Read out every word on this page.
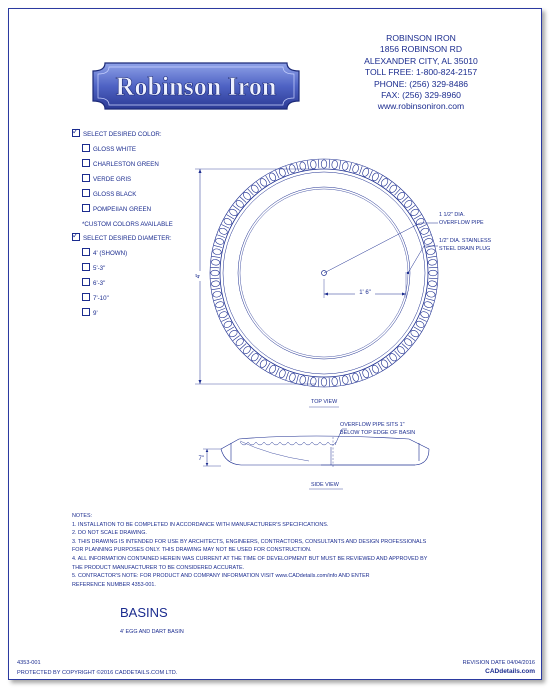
Robinson Iron
ROBINSON IRON
1856 ROBINSON RD
ALEXANDER CITY, AL 35010
TOLL FREE: 1-800-824-2157
PHONE: (256) 329-8486
FAX: (256) 329-8960
www.robinsoniron.com
✓ SELECT DESIRED COLOR:
GLOSS WHITE
CHARLESTON GREEN
VERDE GRIS
GLOSS BLACK
POMPEIIAN GREEN
*CUSTOM COLORS AVAILABLE
✓ SELECT DESIRED DIAMETER:
4' (SHOWN)
5'-3"
6'-3"
7'-10"
9'
1' 6"
4'
7"
1 1/2" DIA.
OVERFLOW PIPE
1/2" DIA. STAINLESS
STEEL DRAIN PLUG
TOP VIEW
OVERFLOW PIPE SITS 1"
BELOW TOP EDGE OF BASIN
SIDE VIEW
NOTES:
1. INSTALLATION TO BE COMPLETED IN ACCORDANCE WITH MANUFACTURER'S SPECIFICATIONS.
2. DO NOT SCALE DRAWING.
3. THIS DRAWING IS INTENDED FOR USE BY ARCHITECTS, ENGINEERS, CONTRACTORS, CONSULTANTS AND DESIGN PROFESSIONALS
FOR PLANNING PURPOSES ONLY. THIS DRAWING MAY NOT BE USED FOR CONSTRUCTION.
4. ALL INFORMATION CONTAINED HEREIN WAS CURRENT AT THE TIME OF DEVELOPMENT BUT MUST BE REVIEWED AND APPROVED BY
THE PRODUCT MANUFACTURER TO BE CONSIDERED ACCURATE.
5. CONTRACTOR'S NOTE: FOR PRODUCT AND COMPANY INFORMATION VISIT www.CADdetails.com/info AND ENTER
REFERENCE NUMBER 4353-001.
BASINS
4' EGG AND DART BASIN
4353-001	REVISION DATE 04/04/2016
PROTECTED BY COPYRIGHT ©2016 CADDETAILS.COM LTD.	CADdetails.com
